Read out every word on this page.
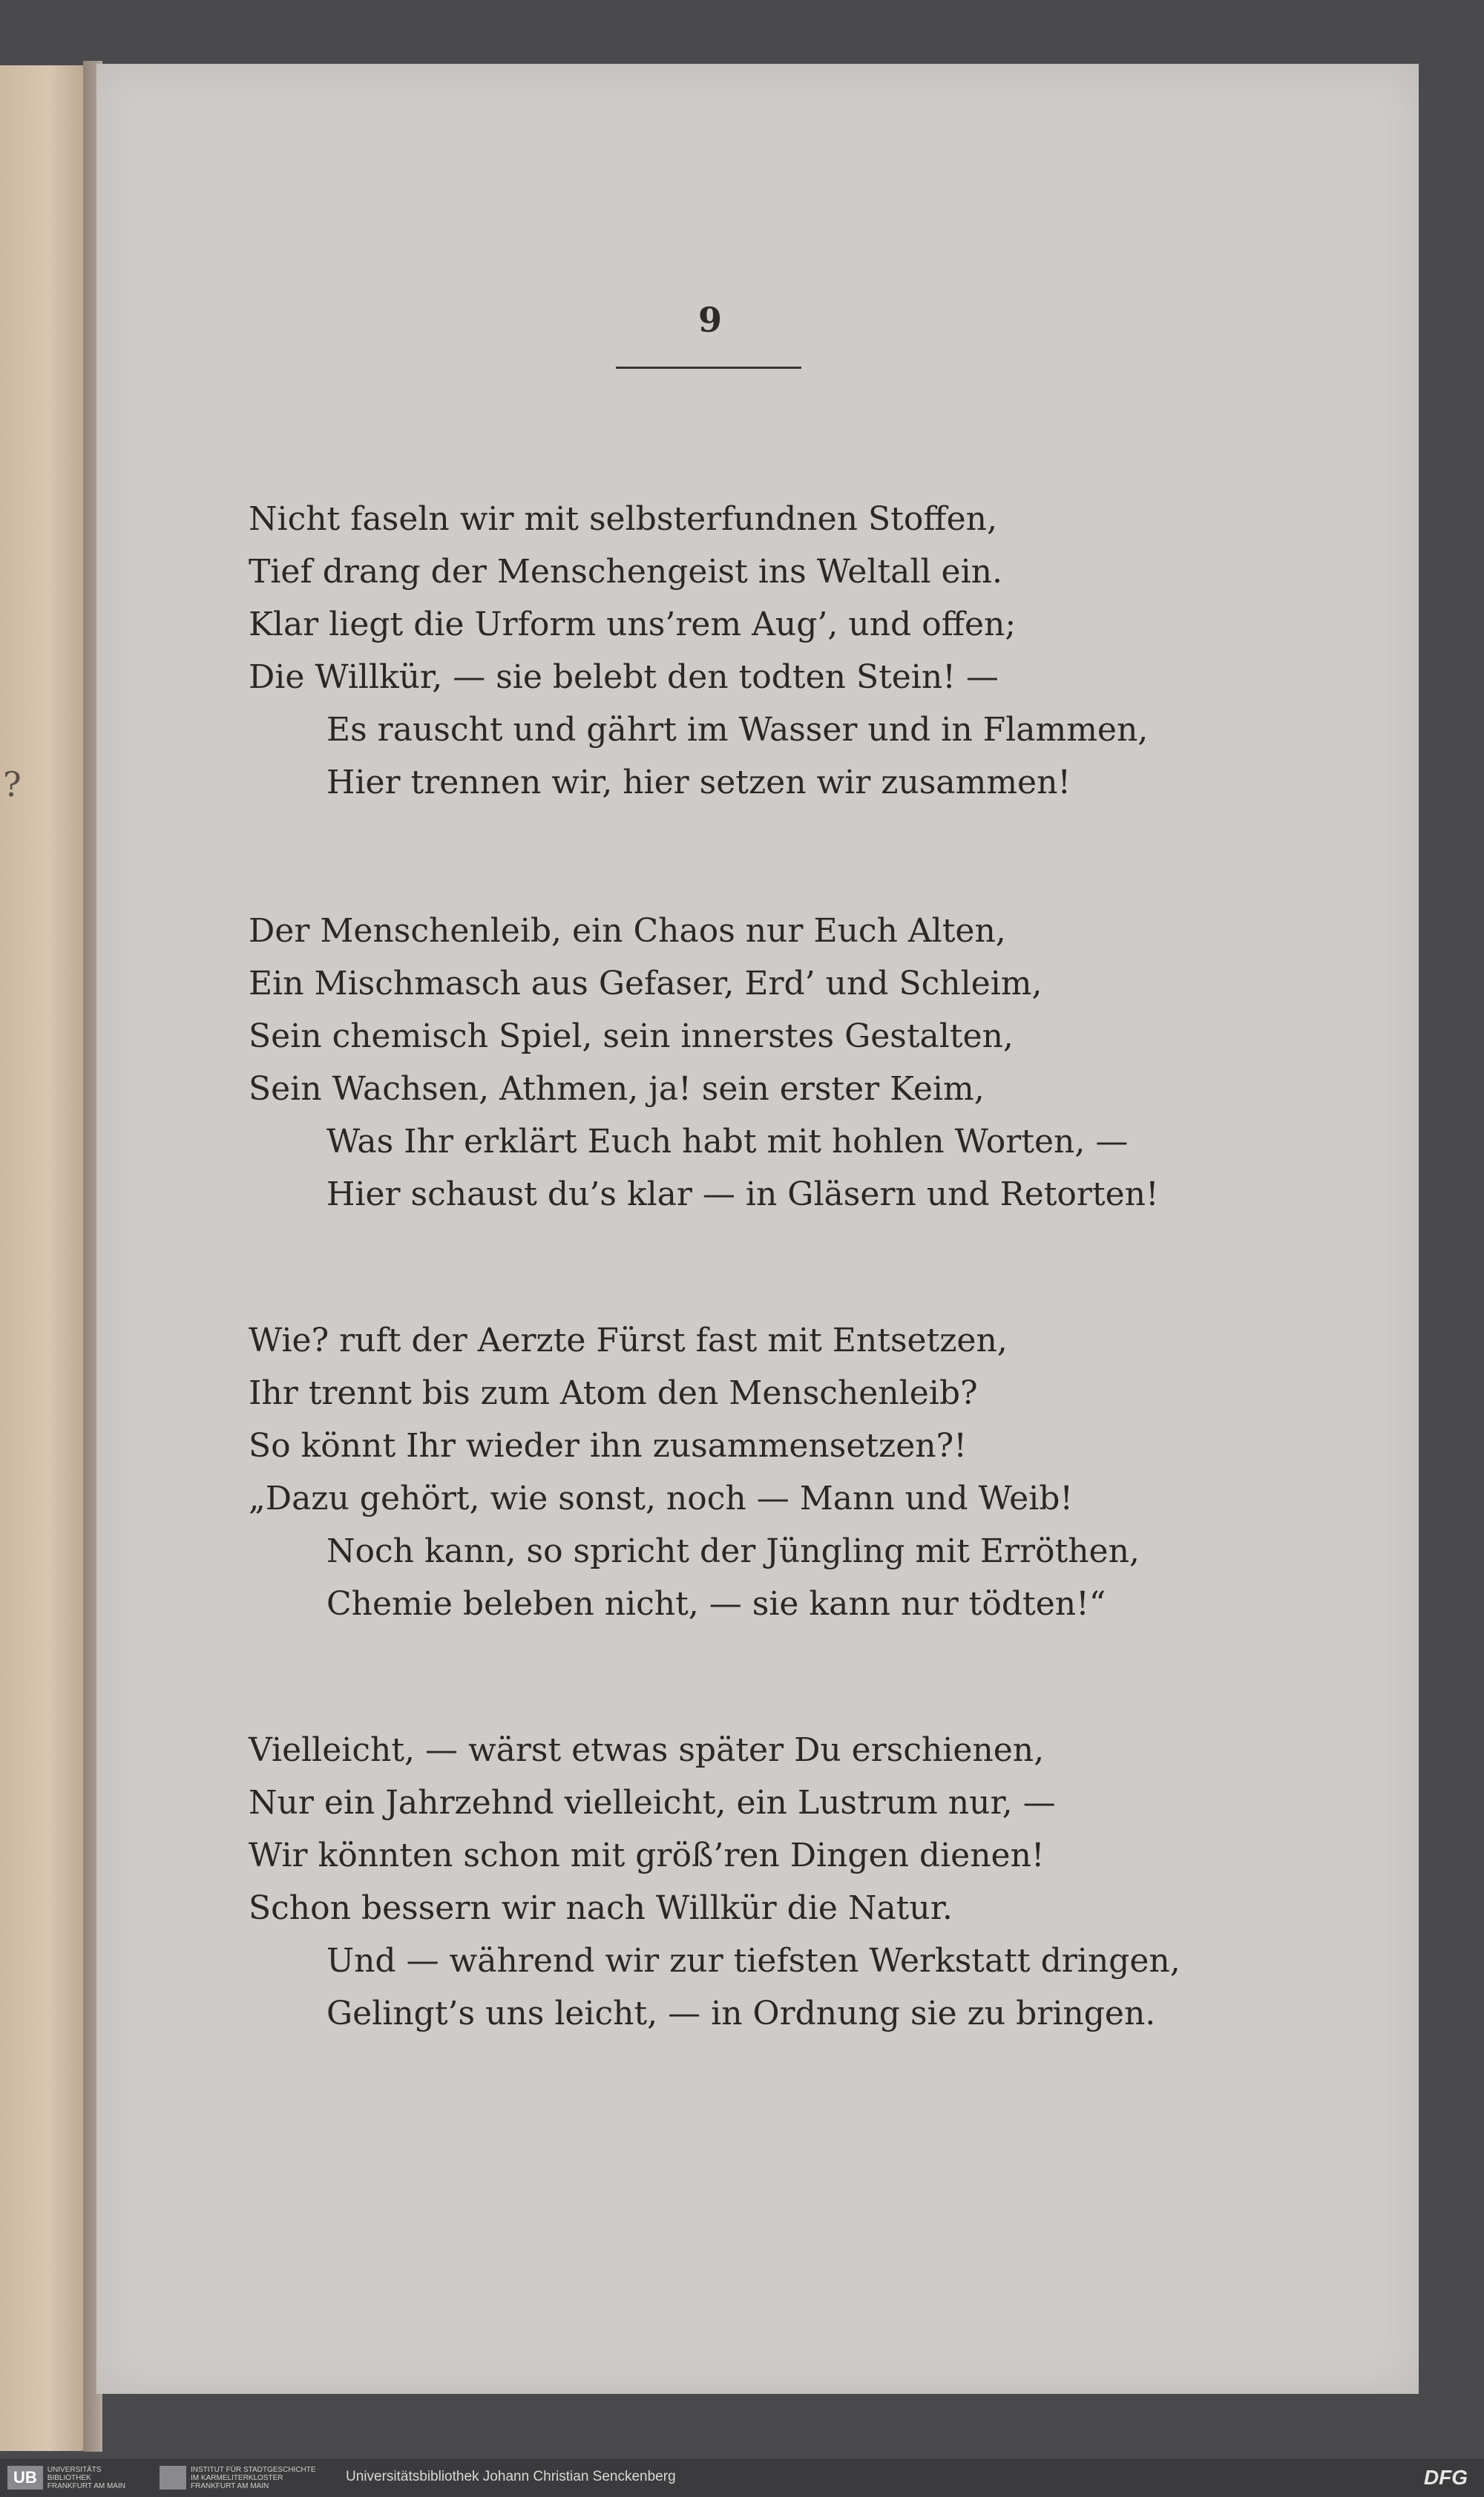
?
9
Nicht faseln wir mit selbsterfundnen Stoffen,
Tief drang der Menschengeist ins Weltall ein.
Klar liegt die Urform uns’rem Aug’, und offen;
Die Willkür, — sie belebt den todten Stein! —
Es rauscht und gährt im Wasser und in Flammen,
Hier trennen wir, hier setzen wir zusammen!
Der Menschenleib, ein Chaos nur Euch Alten,
Ein Mischmasch aus Gefaser, Erd’ und Schleim,
Sein chemisch Spiel, sein innerstes Gestalten,
Sein Wachsen, Athmen, ja! sein erster Keim,
Was Ihr erklärt Euch habt mit hohlen Worten, —
Hier schaust du’s klar — in Gläsern und Retorten!
Wie? ruft der Aerzte Fürst fast mit Entsetzen,
Ihr trennt bis zum Atom den Menschenleib?
So könnt Ihr wieder ihn zusammensetzen?!
„Dazu gehört, wie sonst, noch — Mann und Weib!
Noch kann, so spricht der Jüngling mit Erröthen,
Chemie beleben nicht, — sie kann nur tödten!“
Vielleicht, — wärst etwas später Du erschienen,
Nur ein Jahrzehnd vielleicht, ein Lustrum nur, —
Wir könnten schon mit größ’ren Dingen dienen!
Schon bessern wir nach Willkür die Natur.
Und — während wir zur tiefsten Werkstatt dringen,
Gelingt’s uns leicht, — in Ordnung sie zu bringen.
UB	UNIVERSITÄTS
BIBLIOTHEK
FRANKFURT AM MAIN
INSTITUT FÜR STADTGESCHICHTE
IM KARMELITERKLOSTER
FRANKFURT AM MAIN
Universitätsbibliothek Johann Christian Senckenberg	DFG
